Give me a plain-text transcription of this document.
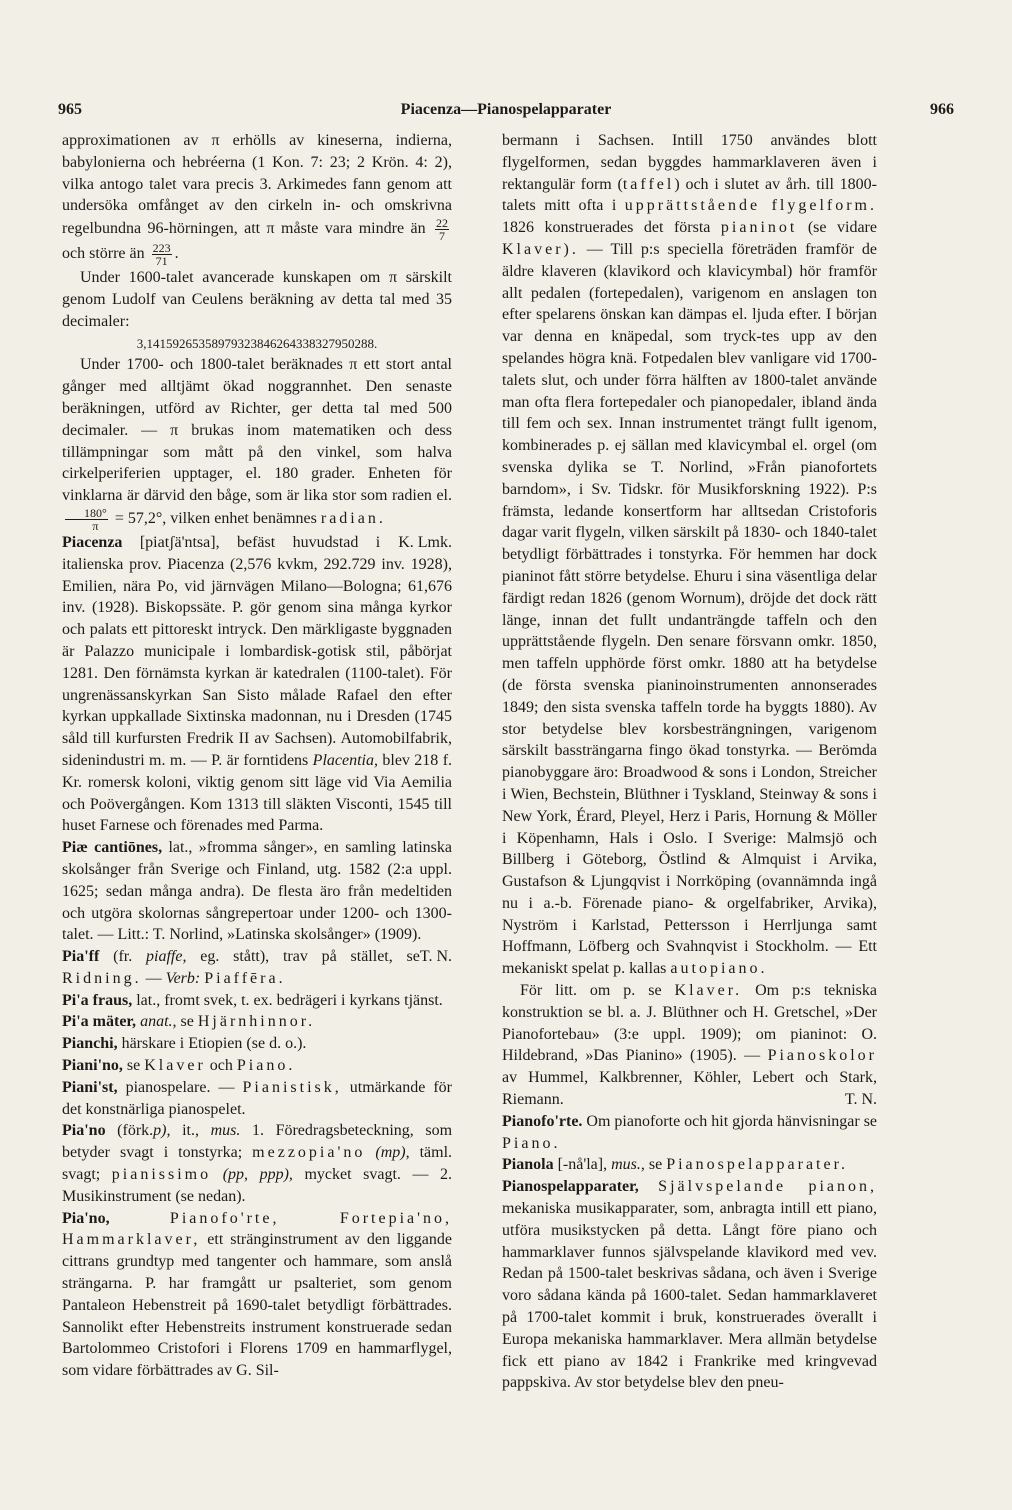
965	Piacenza—Pianospelapparater	966

approximationen av π erhölls av kineserna, indierna, babylonierna och hebréerna (1 Kon. 7: 23; 2 Krön. 4: 2), vilka antogo talet vara precis 3. Arkimedes fann genom att undersöka omfånget av den cirkeln in- och omskrivna regelbundna 96-hörningen, att π måste vara mindre än $\frac{22}{7}$
och större än $\frac{223}{71}$ .

Under 1600-talet avancerade kunskapen om π särskilt genom Ludolf van Ceulens beräkning av detta tal med 35 decimaler:

3,14159265358979323846264338327950288.

Under 1700- och 1800-talet beräknades π ett stort antal gånger med alltjämt ökad noggrannhet. Den senaste beräkningen, utförd av Richter, ger detta tal med 500 decimaler. — π brukas inom matematiken och dess tillämpningar som mått på den vinkel, som halva cirkelperiferien upptager, el. 180 grader. Enheten för vinklarna är därvid den båge, som är lika stor som radien el.
$\frac{180^\circ}{\pi} = 57,2^\circ$, vilken enhet benämnes radian.
K. Lmk.

Piacenza [piatʃä'ntsa], befäst huvudstad i italienska prov. Piacenza (2,576 kvkm, 292.729 inv. 1928), Emilien, nära Po, vid järnvägen Milano—Bologna; 61,676 inv. (1928). Biskopssäte. P. gör genom sina många kyrkor och palats ett pittoreskt intryck. Den märkligaste byggnaden är Palazzo municipale i lombardisk-gotisk stil, påbörjat 1281. Den förnämsta kyrkan är katedralen (1100-talet). För ungrenässanskyrkan San Sisto målade Rafael den efter kyrkan uppkallade Sixtinska madonnan, nu i Dresden (1745 såld till kurfursten Fredrik II av Sachsen). Automobilfabrik, sidenindustri m. m. — P. är forntidens Placentia, blev 218 f. Kr. romersk koloni, viktig genom sitt läge vid Via Aemilia och Poövergången. Kom 1313 till släkten Visconti, 1545 till huset Farnese och förenades med Parma.

Piæ cantiōnes, lat., »fromma sånger», en samling latinska skolsånger från Sverige och Finland, utg. 1582 (2:a uppl. 1625; sedan många andra). De flesta äro från medeltiden och utgöra skolornas sångrepertoar under 1200- och 1300-talet. — Litt.: T. Norlind, »Latinska skolsånger» (1909).
T. N.

Pia'ff (fr. piaffe, eg. stått), trav på stället, se Ridning. — Verb: Piaffēra.

Pi'a fraus, lat., fromt svek, t. ex. bedrägeri i kyrkans tjänst.

Pi'a mäter, anat., se Hjärnhinnor.

Pianchi, härskare i Etiopien (se d. o.).

Piani'no, se Klaver och Piano.

Piani'st, pianospelare. — Pianistisk, utmärkande för det konstnärliga pianospelet.

Pia'no (förk.p), it., mus. 1. Föredragsbeteckning, som betyder svagt i tonstyrka; mezzopia'no (mp), täml. svagt; pianissimo (pp, ppp), mycket svagt. — 2. Musikinstrument (se nedan).

Pia'no,	Pianofo'rte,	Fortepia'no, Hammarklaver, ett stränginstrument av den liggande cittrans grundtyp med tangenter och hammare, som anslå strängarna. P. har framgått ur psalteriet, som genom Pantaleon Hebenstreit på 1690-talet betydligt förbättrades. Sannolikt efter Hebenstreits instrument konstruerade sedan Bartolommeo Cristofori i Florens 1709 en hammarflygel, som vidare förbättrades av G. Sil-

bermann i Sachsen. Intill 1750 användes blott flygelformen, sedan byggdes hammarklaveren även i rektangulär form (taffel) och i slutet av årh. till 1800-talets mitt ofta i upprättstående flygelform. 1826 konstruerades det första pianinot (se vidare Klaver). — Till p:s speciella företräden framför de äldre klaveren (klavikord och klavicymbal) hör framför allt pedalen (fortepedalen), varigenom en anslagen ton efter spelarens önskan kan dämpas el. ljuda efter. I början var denna en knäpedal, som tryck-tes upp av den spelandes högra knä. Fotpedalen blev vanligare vid 1700-talets slut, och under förra hälften av 1800-talet använde man ofta flera fortepedaler och pianopedaler, ibland ända till fem och sex. Innan instrumentet trängt fullt igenom, kombinerades p. ej sällan med klavicymbal el. orgel (om svenska dylika se T. Norlind, »Från pianofortets barndom», i Sv. Tidskr. för Musikforskning 1922). P:s främsta, ledande konsertform har alltsedan Cristoforis dagar varit flygeln, vilken särskilt på 1830- och 1840-talet betydligt förbättrades i tonstyrka. För hemmen har dock pianinot fått större betydelse. Ehuru i sina väsentliga delar färdigt redan 1826 (genom Wornum), dröjde det dock rätt länge, innan det fullt undanträngde taffeln och den upprättstående flygeln. Den senare försvann omkr. 1850, men taffeln upphörde först omkr. 1880 att ha betydelse (de första svenska pianinoinstrumenten annonserades 1849; den sista svenska taffeln torde ha byggts 1880). Av stor betydelse blev korsbesträngningen, varigenom särskilt bassträngarna fingo ökad tonstyrka. — Berömda pianobyggare äro: Broadwood & sons i London, Streicher i Wien, Bechstein, Blüthner i Tyskland, Steinway & sons i New York, Érard, Pleyel, Herz i Paris, Hornung & Möller i Köpenhamn, Hals i Oslo. I Sverige: Malmsjö och Billberg i Göteborg, Östlind & Almquist i Arvika, Gustafson & Ljungqvist i Norrköping (ovannämnda ingå nu i a.-b. Förenade piano- & orgelfabriker, Arvika), Nyström i Karlstad, Pettersson i Herrljunga samt Hoffmann, Löfberg och Svahnqvist i Stockholm. — Ett mekaniskt spelat p. kallas autopiano.

För litt. om p. se Klaver. Om p:s tekniska konstruktion se bl. a. J. Blüthner och H. Gretschel, »Der Pianofortebau» (3:e uppl. 1909); om pianinot: O. Hildebrand, »Das Pianino» (1905). — Pianoskolor av Hummel, Kalkbrenner, Köhler, Lebert och Stark, Riemann.	T. N.

Pianofo'rte. Om pianoforte och hit gjorda hänvisningar se Piano.

Pianola [-nå'la], mus., se Pianospelapparater.

Pianospelapparater, Självspelande pianon, mekaniska musikapparater, som, anbragta intill ett piano, utföra musikstycken på detta. Långt före piano och hammarklaver funnos självspelande klavikord med vev. Redan på 1500-talet beskrivas sådana, och även i Sverige voro sådana kända på 1600-talet. Sedan hammarklaveret på 1700-talet kommit i bruk, konstruerades överallt i Europa mekaniska hammarklaver. Mera allmän betydelse fick ett piano av 1842 i Frankrike med kringvevad pappskiva. Av stor betydelse blev den pneu-
